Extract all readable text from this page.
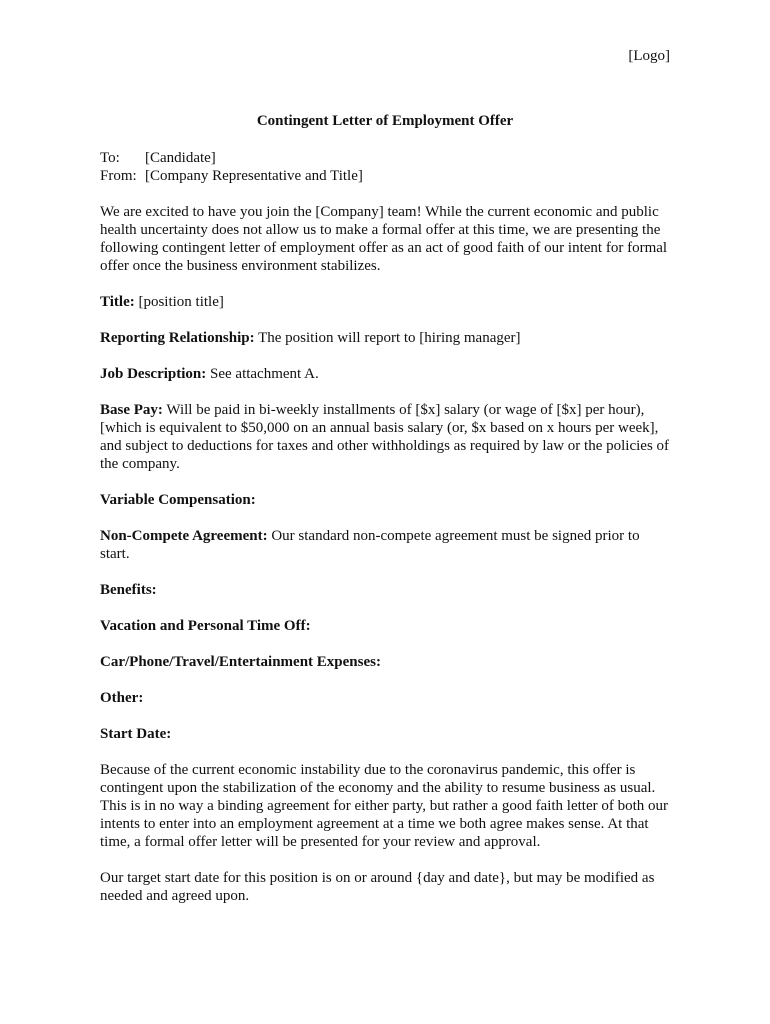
[Logo]

Contingent Letter of Employment Offer
To:	[Candidate]
From: [Company Representative and Title]

We are excited to have you join the [Company] team! While the current economic and public health uncertainty does not allow us to make a formal offer at this time, we are presenting the following contingent letter of employment offer as an act of good faith of our intent for formal offer once the business environment stabilizes.

Title: [position title]

Reporting Relationship: The position will report to [hiring manager]

Job Description: See attachment A.

Base Pay: Will be paid in bi-weekly installments of [$x] salary (or wage of [$x] per hour), [which is equivalent to $50,000 on an annual basis salary (or, $x based on x hours per week], and subject to deductions for taxes and other withholdings as required by law or the policies of the company.

Variable Compensation:

Non-Compete Agreement: Our standard non-compete agreement must be signed prior to start.

Benefits:

Vacation and Personal Time Off:

Car/Phone/Travel/Entertainment Expenses:

Other:

Start Date:

Because of the current economic instability due to the coronavirus pandemic, this offer is contingent upon the stabilization of the economy and the ability to resume business as usual. This is in no way a binding agreement for either party, but rather a good faith letter of both our intents to enter into an employment agreement at a time we both agree makes sense. At that time, a formal offer letter will be presented for your review and approval.

Our target start date for this position is on or around {day and date}, but may be modified as needed and agreed upon.
